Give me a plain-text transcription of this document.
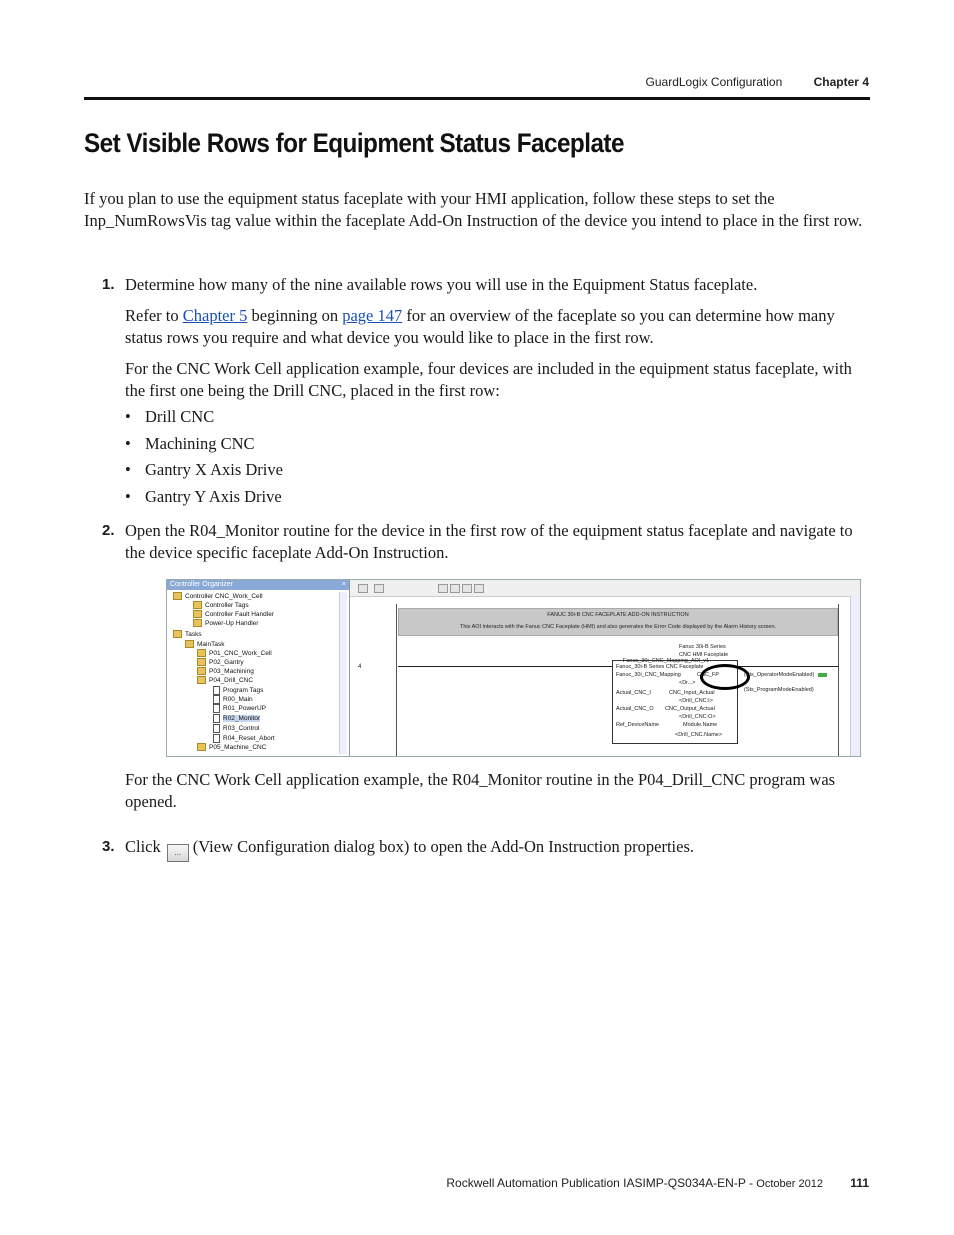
GuardLogix Configuration	Chapter 4
Set Visible Rows for Equipment Status Faceplate

If you plan to use the equipment status faceplate with your HMI application, follow these steps to set the Inp_NumRowsVis tag value within the faceplate Add-On Instruction of the device you intend to place in the first row.

1. Determine how many of the nine available rows you will use in the Equipment Status faceplate.

Refer to Chapter 5 beginning on page 147 for an overview of the faceplate so you can determine how many status rows you require and what device you would like to place in the first row.

For the CNC Work Cell application example, four devices are included in the equipment status faceplate, with the first one being the Drill CNC, placed in the first row:

• Drill CNC
• Machining CNC
• Gantry X Axis Drive
• Gantry Y Axis Drive
2. Open the R04_Monitor routine for the device in the first row of the equipment status faceplate and navigate to the device specific faceplate Add-On Instruction.

Controller Organizer	×
Controller CNC_Work_Cell
Controller Tags
Controller Fault Handler
Power-Up Handler
Tasks
MainTask
P01_CNC_Work_Cell
P02_Gantry
P03_Machining
P04_Drill_CNC
Program Tags
R00_Main
R01_PowerUP
R02_Monitor
R03_Control
R04_Reset_Abort
P05_Machine_CNC
FANUC 30i-B CNC FACEPLATE ADD-ON INSTRUCTION
This AOI interacts with the Fanuc CNC Faceplate (HMI) and also generates the Error Code displayed by the Alarm History screen.
4
Fanuc 30i-B Series
CNC HMI Faceplate
Fanuc_30i_CNC_Mapping_AOI_v1
Fanuc_30i-B Series CNC Faceplate
Fanuc_30i_CNC_Mapping	CNC_FP
<Dr...>
Actual_CNC_I	CNC_Input_Actual
<Drill_CNC:I>
Actual_CNC_O CNC_Output_Actual
<Drill_CNC:O>
Ref_DeviceName	Module.Name
<Drill_CNC.Name>
(Sts_OperatorModeEnabled)
(Sts_ProgramModeEnabled)

For the CNC Work Cell application example, the R04_Monitor routine in the P04_Drill_CNC program was opened.

3. Click ... (View Configuration dialog box) to open the Add-On Instruction properties.
Rockwell Automation Publication IASIMP-QS034A-EN-P - October 2012 111
